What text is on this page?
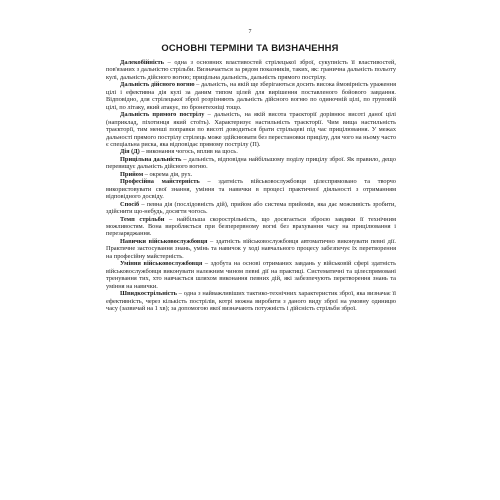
7
ОСНОВНІ ТЕРМІНИ ТА ВИЗНАЧЕННЯ

Далекобійність – одна з основних властивостей стрілецької зброї, сукупність її властивостей, пов'язаних з дальністю стрільби. Визначається за рядом показників, таких, як: гранична дальність польоту кулі, дальність дійсного вогню; прицільна дальність, дальність прямого пострілу.

Дальність дійсного вогню – дальність, на якій ще зберігаються досить висока ймовірність ураження цілі і ефективна дія кулі за даним типом цілей для вирішення поставленого бойового завдання. Відповідно, для стрілецької зброї розрізняють дальність дійсного вогню по одиночній цілі, по груповій цілі, по літаку, який атакує, по бронетехніці тощо.

Дальність прямого пострілу – дальність, на якій висота траєкторії дорівнює висоті даної цілі (наприклад, піхотинця який стоїть). Характеризує настильність траєкторії. Чим вища настильність траєкторії, тим менші поправки по висоті доводиться брати стрільцеві під час прицілювання. У межах дальності прямого пострілу стрілець може здійснювати без перестановки прицілу, для чого на ньому часто є спеціальна риска, яка відповідає прямому пострілу (П).

Дія (Д) – виконання чогось, вплив на щось.

Прицільна дальність – дальність, відповідна найбільшому поділу прицілу зброї. Як правило, дещо перевищує дальність дійсного вогню.

Прийом – окрема дія, рух.

Професійна майстерність – здатність військовослужбовця цілеспрямовано та творчо використовувати свої знання, уміння та навички в процесі практичної діяльності з отриманням відповідного досвіду.

Спосіб – певна дія (послідовність дій), прийом або система прийомів, яка дає можливість зробити, здійснити що-небудь, досягти чогось.

Темп стрільби – найбільша скорострільність, що досягається зброєю завдяки її технічним можливостям. Вона виробляється при безперервному вогні без врахування часу на прицілювання і перезаряджання.

Навички військовослужбовця – здатність військовослужбовця автоматично виконувати певні дії. Практичне застосування знань, умінь та навичок у ході навчального процесу забезпечує їх перетворення на професійну майстерність.

Уміння військовослужбовця – здобута на основі отриманих завдань у військовій сфері здатність військовослужбовця виконувати належним чином певні дії на практиці. Систематичні та цілеспрямовані тренування тих, хто навчається шляхом виконання певних дій, які забезпечують перетворення знань та уміння на навички.

Швидкострільність – одна з найважливіших тактико-технічних характеристик зброї, яка визначає її ефективність, через кількість пострілів, котрі можна виробити з даного виду зброї на умовну одиницю часу (зазвичай на 1 хв); за допомогою якої визначають потужність і дійсність стрільби зброї.
